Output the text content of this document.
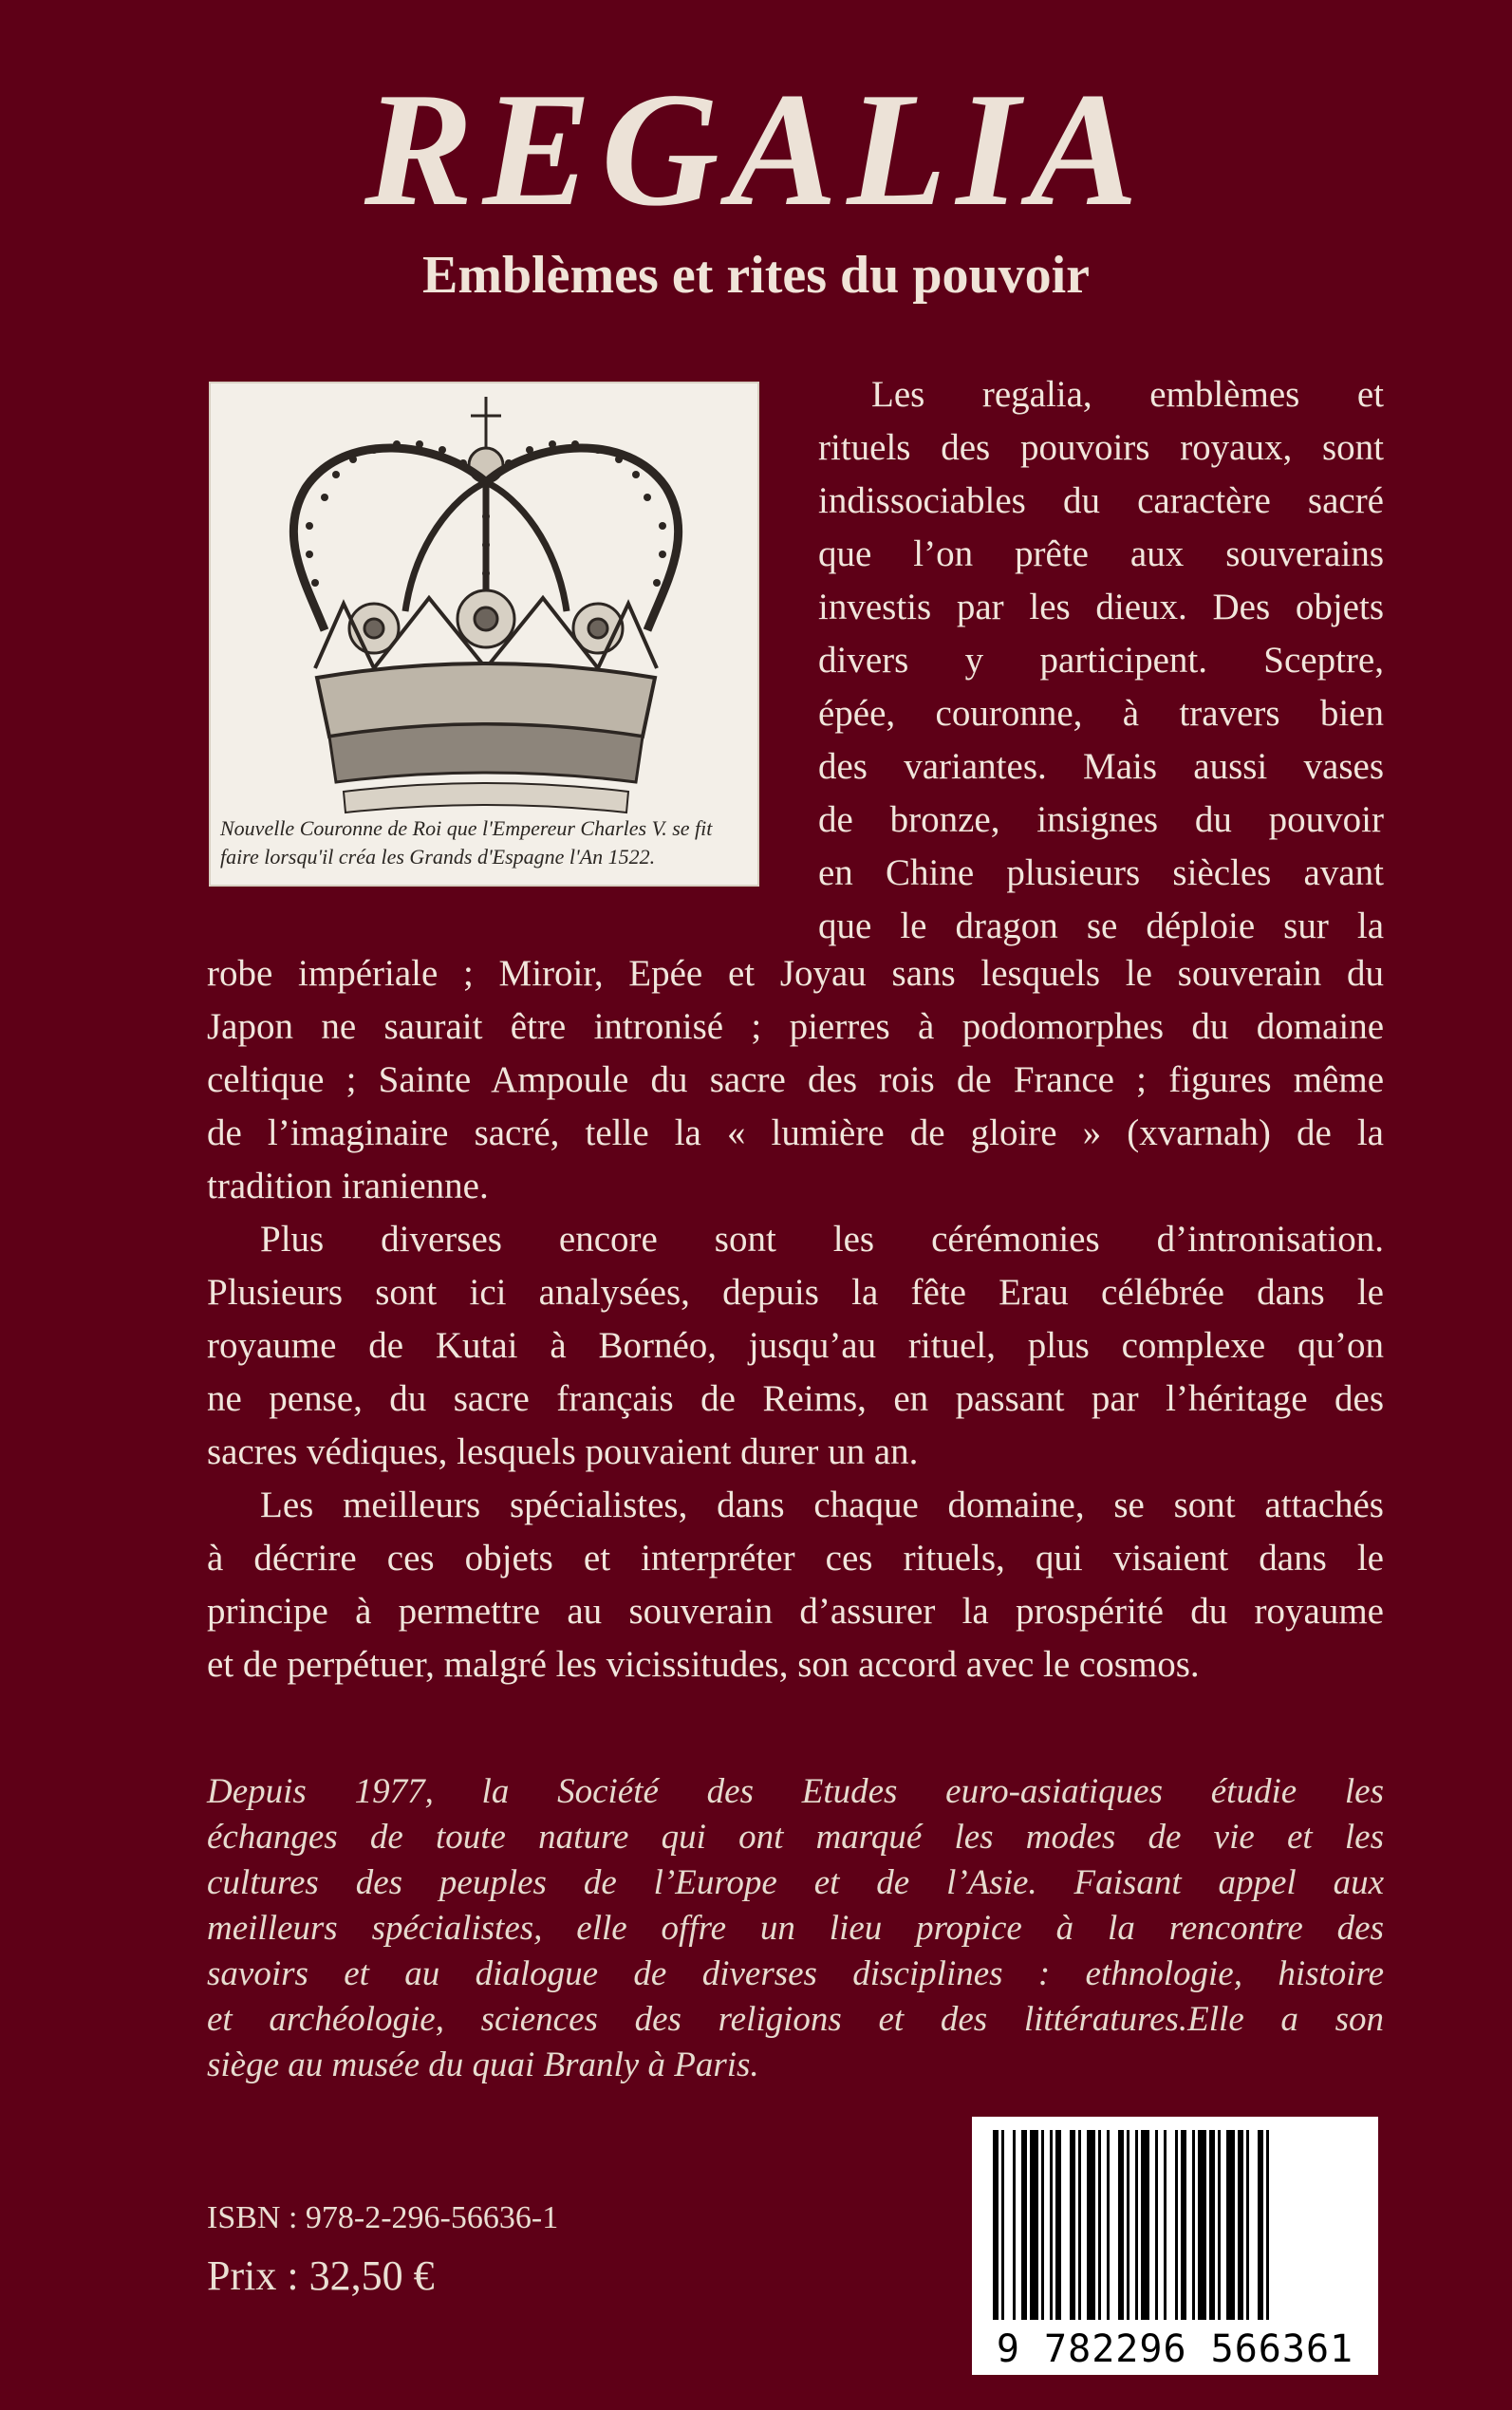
REGALIA
Emblèmes et rites du pouvoir
Nouvelle Couronne de Roi que l'Empereur Charles V. se fit
faire lorsqu'il créa les Grands d'Espagne l'An 1522.
Les regalia, emblèmes et
rituels des pouvoirs royaux, sont
indissociables du caractère sacré
que l’on prête aux souverains
investis par les dieux. Des objets
divers y participent. Sceptre,
épée, couronne, à travers bien
des variantes. Mais aussi vases
de bronze, insignes du pouvoir
en Chine plusieurs siècles avant
que le dragon se déploie sur la
robe impériale ; Miroir, Epée et Joyau sans lesquels le souverain du
Japon ne saurait être intronisé ; pierres à podomorphes du domaine
celtique ; Sainte Ampoule du sacre des rois de France ; figures même
de l’imaginaire sacré, telle la « lumière de gloire » (xvarnah) de la
tradition iranienne.
Plus diverses encore sont les cérémonies d’intronisation.
Plusieurs sont ici analysées, depuis la fête Erau célébrée dans le
royaume de Kutai à Bornéo, jusqu’au rituel, plus complexe qu’on
ne pense, du sacre français de Reims, en passant par l’héritage des
sacres védiques, lesquels pouvaient durer un an.
Les meilleurs spécialistes, dans chaque domaine, se sont attachés
à décrire ces objets et interpréter ces rituels, qui visaient dans le
principe à permettre au souverain d’assurer la prospérité du royaume
et de perpétuer, malgré les vicissitudes, son accord avec le cosmos.
Depuis 1977, la Société des Etudes euro-asiatiques étudie les
échanges de toute nature qui ont marqué les modes de vie et les
cultures des peuples de l’Europe et de l’Asie. Faisant appel aux
meilleurs spécialistes, elle offre un lieu propice à la rencontre des
savoirs et au dialogue de diverses disciplines : ethnologie, histoire
et archéologie, sciences des religions et des littératures.Elle a son
siège au musée du quai Branly à Paris.
ISBN : 978-2-296-56636-1
Prix : 32,50 €
9 782296 566361
